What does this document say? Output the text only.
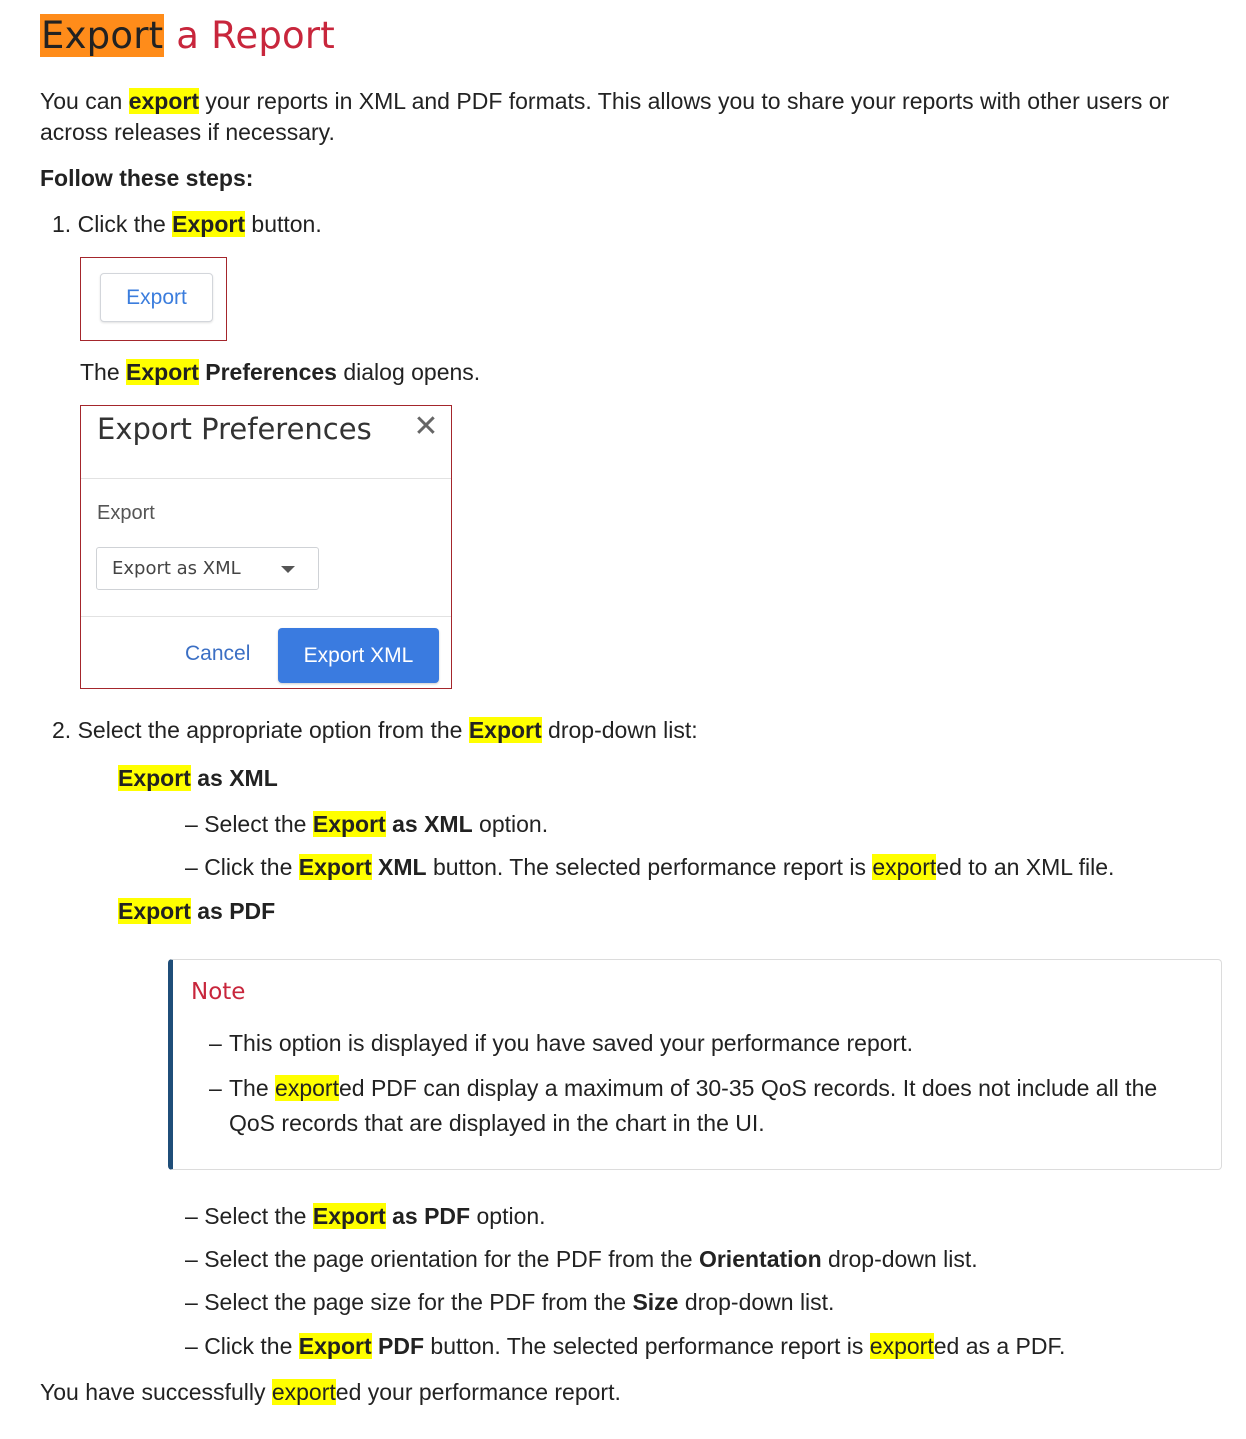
Export a Report
You can export your reports in XML and PDF formats. This allows you to share your reports with other users or across releases if necessary.
Follow these steps:
1. Click the Export button.
Export
The Export Preferences dialog opens.
Export Preferences ✕
Export
Export as XML
Cancel	Export XML
2. Select the appropriate option from the Export drop-down list:
Export as XML
– Select the Export as XML option.
– Click the Export XML button. The selected performance report is exported to an XML file.
Export as PDF
Note
– This option is displayed if you have saved your performance report.
– The exported PDF can display a maximum of 30-35 QoS records. It does not include all the QoS records that are displayed in the chart in the UI.
– Select the Export as PDF option.
– Select the page orientation for the PDF from the Orientation drop-down list.
– Select the page size for the PDF from the Size drop-down list.
– Click the Export PDF button. The selected performance report is exported as a PDF.
You have successfully exported your performance report.
